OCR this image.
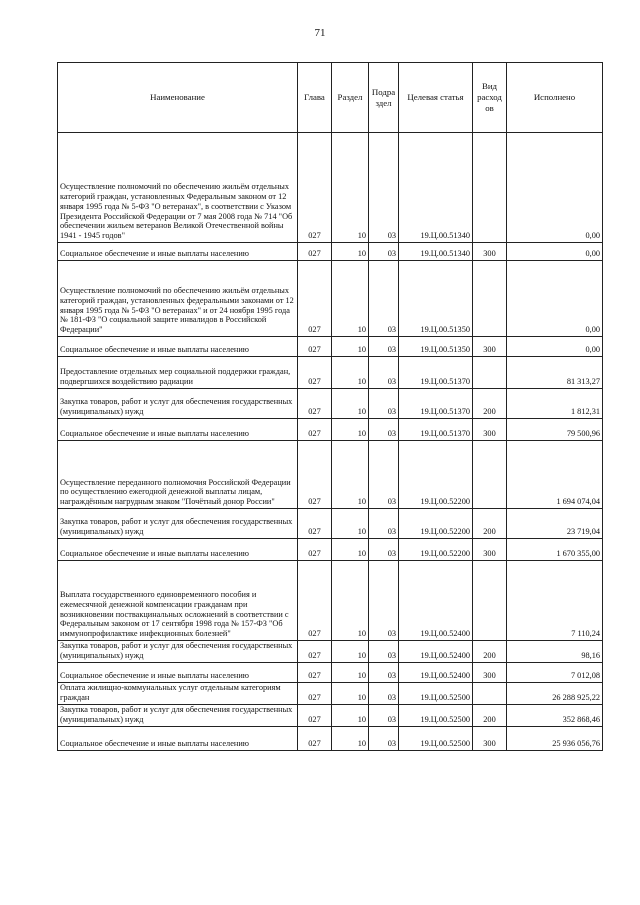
71
Наименование	Глава	Раздел	Подра здел	Целевая статья	Вид расход ов	Исполнено
Осуществление полномочий по обеспечению жильём отдельных категорий граждан, установленных Федеральным законом от 12 января 1995 года № 5-ФЗ "О ветеранах", в соответствии с Указом Президента Российской Федерации от 7 мая 2008 года № 714 "Об обеспечении жильем ветеранов Великой Отечественной войны 1941 - 1945 годов"	027	10	03	19.Ц.00.51340		0,00
Социальное обеспечение и иные выплаты населению	027	10	03	19.Ц.00.51340	300	0,00
Осуществление полномочий по обеспечению жильём отдельных категорий граждан, установленных федеральными законами от 12 января 1995 года № 5-ФЗ "О ветеранах" и от 24 ноября 1995 года № 181-ФЗ "О социальной защите инвалидов в Российской Федерации"	027	10	03	19.Ц.00.51350		0,00
Социальное обеспечение и иные выплаты населению	027	10	03	19.Ц.00.51350	300	0,00
Предоставление отдельных мер социальной поддержки граждан, подвергшихся воздействию радиации	027	10	03	19.Ц.00.51370		81 313,27
Закупка товаров, работ и услуг для обеспечения государственных (муниципальных) нужд	027	10	03	19.Ц.00.51370	200	1 812,31
Социальное обеспечение и иные выплаты населению	027	10	03	19.Ц.00.51370	300	79 500,96
Осуществление переданного полномочия Российской Федерации по осуществлению ежегодной денежной выплаты лицам, награждённым нагрудным знаком "Почётный донор России"	027	10	03	19.Ц.00.52200		1 694 074,04
Закупка товаров, работ и услуг для обеспечения государственных (муниципальных) нужд	027	10	03	19.Ц.00.52200	200	23 719,04
Социальное обеспечение и иные выплаты населению	027	10	03	19.Ц.00.52200	300	1 670 355,00
Выплата государственного единовременного пособия и ежемесячной денежной компенсации гражданам при возникновении поствакцинальных осложнений в соответствии с Федеральным законом от 17 сентября 1998 года № 157-ФЗ "Об иммунопрофилактике инфекционных болезней"	027	10	03	19.Ц.00.52400		7 110,24
Закупка товаров, работ и услуг для обеспечения государственных (муниципальных) нужд	027	10	03	19.Ц.00.52400	200	98,16
Социальное обеспечение и иные выплаты населению	027	10	03	19.Ц.00.52400	300	7 012,08
Оплата жилищно-коммунальных услуг отдельным категориям граждан	027	10	03	19.Ц.00.52500		26 288 925,22
Закупка товаров, работ и услуг для обеспечения государственных (муниципальных) нужд	027	10	03	19.Ц.00.52500	200	352 868,46
Социальное обеспечение и иные выплаты населению	027	10	03	19.Ц.00.52500	300	25 936 056,76
